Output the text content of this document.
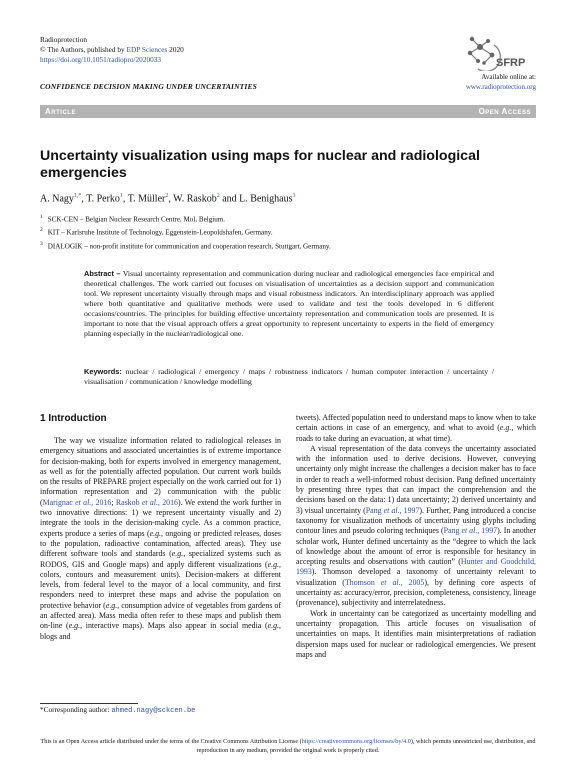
Radioprotection
© The Authors, published by EDP Sciences 2020
https://doi.org/10.1051/radiopro/2020033
CONFIDENCE DECISION MAKING UNDER UNCERTAINTIES
SFRP
Available online at:
www.radioprotection.org
Article	Open Access
Uncertainty visualization using maps for nuclear and radiological emergencies
A. Nagy$^{1,*}$, T. Perko$^1$, T. Müller$^2$, W. Raskob$^2$ and L. Benighaus$^3$
$^1$ SCK-CEN – Belgian Nuclear Research Centre, Mol, Belgium.
$^2$ KIT – Karlsruhe Institute of Technology, Eggenstein-Leopoldshafen, Germany.
$^3$ DIALOGIK – non-profit institute for communication and cooperation research, Stuttgart, Germany.
Abstract – Visual uncertainty representation and communication during nuclear and radiological emergencies face empirical and theoretical challenges. The work carried out focuses on visualisation of uncertainties as a decision support and communication tool. We represent uncertainty visually through maps and visual robustness indicators. An interdisciplinary approach was applied where both quantitative and qualitative methods were used to validate and test the tools developed in 6 different occasions/countries. The principles for building effective uncertainty representation and communication tools are presented. It is important to note that the visual approach offers a great opportunity to represent uncertainty to experts in the field of emergency planning especially in the nuclear/radiological one.
Keywords: nuclear / radiological / emergency / maps / robustness indicators / human computer interaction / uncertainty / visualisation / communication / knowledge modelling
1 Introduction

The way we visualize information related to radiological releases in emergency situations and associated uncertainties is of extreme importance for decision-making, both for experts involved in emergency management, as well as for the potentially affected population. Our current work builds on the results of PREPARE project especially on the work carried out for 1) information representation and 2) communication with the public (Marignac et al., 2016; Raskob et al., 2016). We extend the work further in two innovative directions: 1) we represent uncertainty visually and 2) integrate the tools in the decision-making cycle. As a common practice, experts produce a series of maps (e.g., ongoing or predicted releases, doses to the population, radioactive contamination, affected areas). They use different software tools and standards (e.g., specialized systems such as RODOS, GIS and Google maps) and apply different visualizations (e.g., colors, contours and measurement units). Decision-makers at different levels, from federal level to the mayor of a local community, and first responders need to interpret these maps and advise the population on protective behavior (e.g., consumption advice of vegetables from gardens of an affected area). Mass media often refer to these maps and publish them on-line (e.g., interactive maps). Maps also appear in social media (e.g., blogs and

tweets). Affected population need to understand maps to know when to take certain actions in case of an emergency, and what to avoid (e.g., which roads to take during an evacuation, at what time).

A visual representation of the data conveys the uncertainty associated with the information used to derive decisions. However, conveying uncertainty only might increase the challenges a decision maker has to face in order to reach a well-informed robust decision. Pang defined uncertainty by presenting three types that can impact the comprehension and the decisions based on the data: 1) data uncertainty; 2) derived uncertainty and 3) visual uncertainty (Pang et al., 1997). Further, Pang introduced a concise taxonomy for visualization methods of uncertainty using glyphs including contour lines and pseudo coloring techniques (Pang et al., 1997). In another scholar work, Hunter defined uncertainty as the “degree to which the lack of knowledge about the amount of error is responsible for hesitancy in accepting results and observations with caution” (Hunter and Goodchild, 1993). Thomson developed a taxonomy of uncertainty relevant to visualization (Thomson et al., 2005), by defining core aspects of uncertainty as: accuracy/error, precision, completeness, consistency, lineage (provenance), subjectivity and interrelatedness.

Work in uncertainty can be categorized as uncertainty modelling and uncertainty propagation. This article focuses on visualisation of uncertainties on maps. It identifies main misinterpretations of radiation dispersion maps used for nuclear or radiological emergencies. We present maps and

*Corresponding author: ahmed.nagy@sckcen.be
This is an Open Access article distributed under the terms of the Creative Commons Attribution License (https://creativecommons.org/licenses/by/4.0), which permits unrestricted use, distribution, and reproduction in any medium, provided the original work is properly cited.
